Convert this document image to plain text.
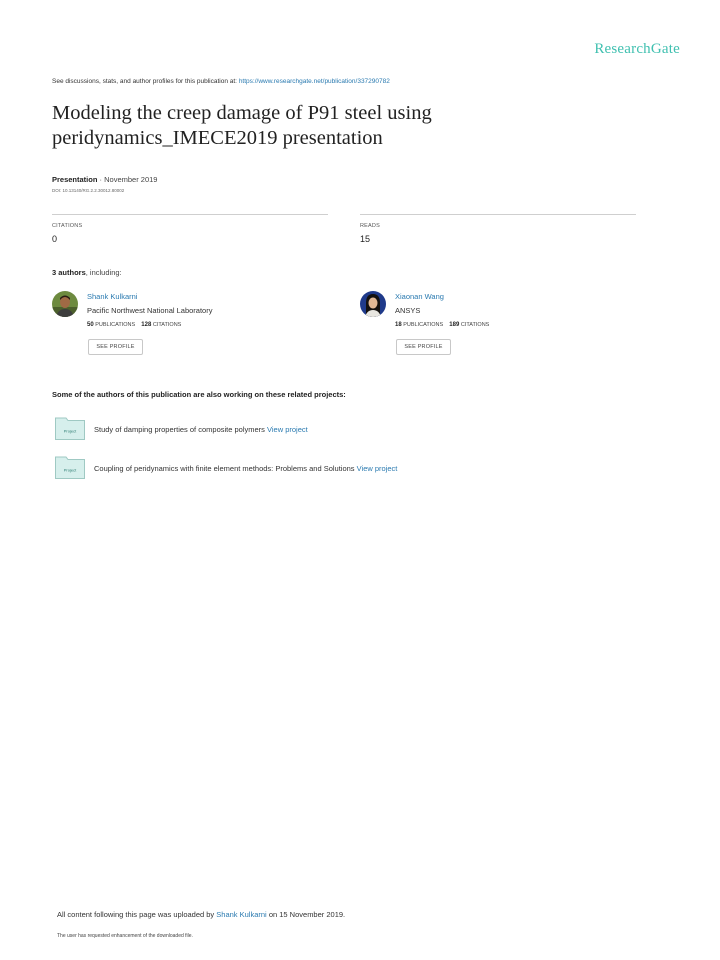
ResearchGate
See discussions, stats, and author profiles for this publication at: https://www.researchgate.net/publication/337290782
Modeling the creep damage of P91 steel using
peridynamics_IMECE2019 presentation
Presentation · November 2019
DOI: 10.13140/RG.2.2.30012.80002
CITATIONS
0
READS
15
3 authors, including:
Shank Kulkarni
Pacific Northwest National Laboratory
50 PUBLICATIONS 128 CITATIONS
SEE PROFILE
Xiaonan Wang
ANSYS
18 PUBLICATIONS 189 CITATIONS
SEE PROFILE
Some of the authors of this publication are also working on these related projects:
Project Study of damping properties of composite polymers View project
Project Coupling of peridynamics with finite element methods: Problems and Solutions View project
All content following this page was uploaded by Shank Kulkarni on 15 November 2019.
The user has requested enhancement of the downloaded file.
